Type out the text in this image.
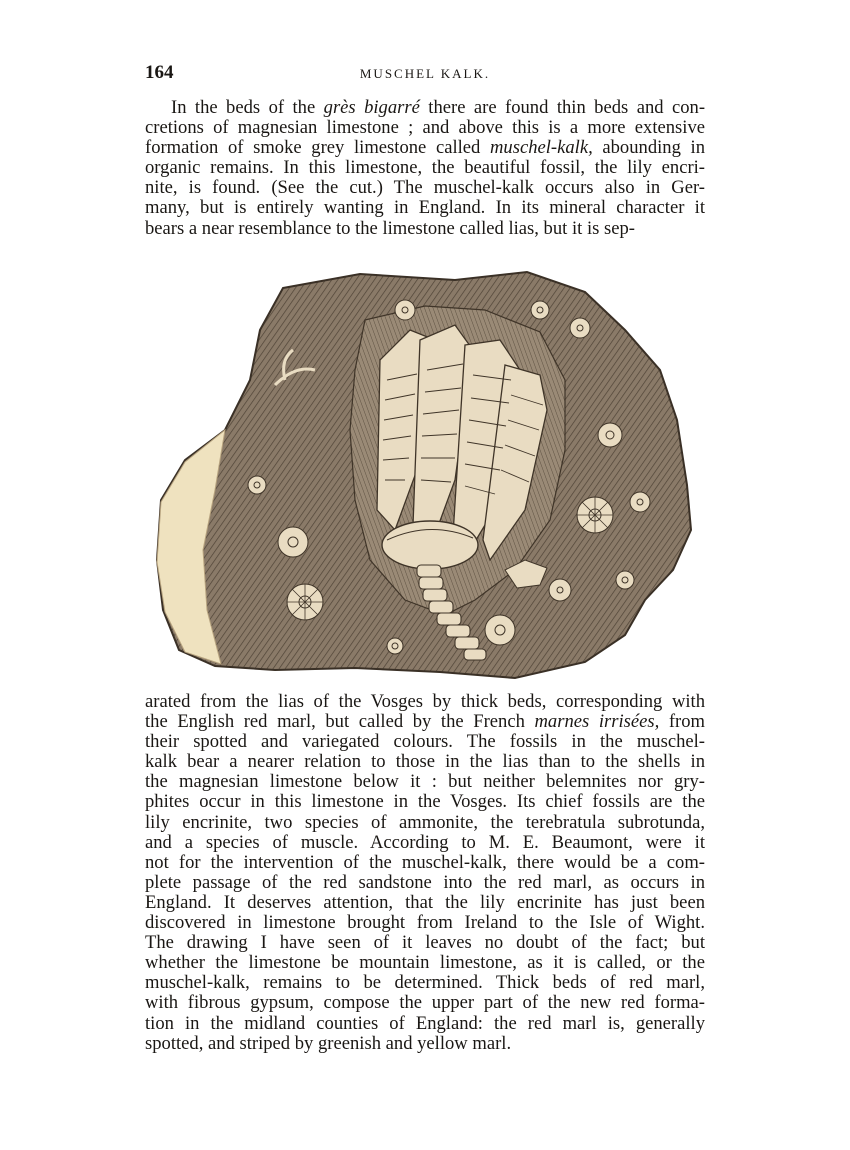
164	MUSCHEL KALK.
In the beds of the grès bigarré there are found thin beds and con-
cretions of magnesian limestone ; and above this is a more extensive
formation of smoke grey limestone called muschel-kalk, abounding in
organic remains. In this limestone, the beautiful fossil, the lily encri-
nite, is found. (See the cut.) The muschel-kalk occurs also in Ger-
many, but is entirely wanting in England. In its mineral character it
bears a near resemblance to the limestone called lias, but it is sep-
arated from the lias of the Vosges by thick beds, corresponding with
the English red marl, but called by the French marnes irrisées, from
their spotted and variegated colours. The fossils in the muschel-
kalk bear a nearer relation to those in the lias than to the shells in
the magnesian limestone below it : but neither belemnites nor gry-
phites occur in this limestone in the Vosges. Its chief fossils are the
lily encrinite, two species of ammonite, the terebratula subrotunda,
and a species of muscle. According to M. E. Beaumont, were it
not for the intervention of the muschel-kalk, there would be a com-
plete passage of the red sandstone into the red marl, as occurs in
England. It deserves attention, that the lily encrinite has just been
discovered in limestone brought from Ireland to the Isle of Wight.
The drawing I have seen of it leaves no doubt of the fact; but
whether the limestone be mountain limestone, as it is called, or the
muschel-kalk, remains to be determined. Thick beds of red marl,
with fibrous gypsum, compose the upper part of the new red forma-
tion in the midland counties of England: the red marl is, generally
spotted, and striped by greenish and yellow marl.
